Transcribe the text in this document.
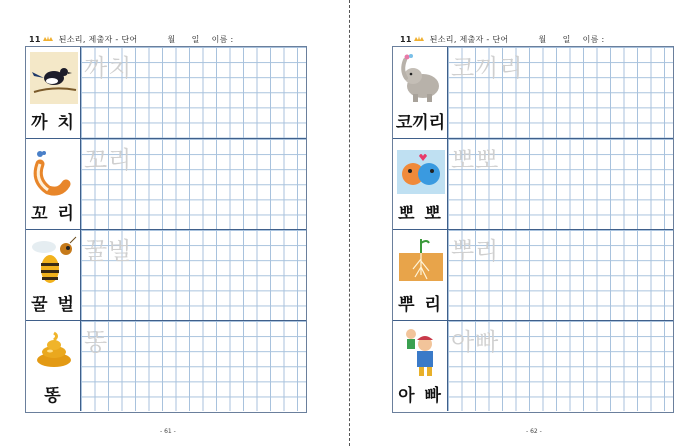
11 된소리, 제출자 - 단어	월 일 이름 :
까 치
까치
꼬 리
꼬리
꿀 벌
꿀벌
똥
똥
- 61 -
11 된소리, 제출자 - 단어	월 일 이름 :
코끼리
코끼리
뽀 뽀
뽀뽀
뿌 리
뿌리
아 빠
아빠
- 62 -
